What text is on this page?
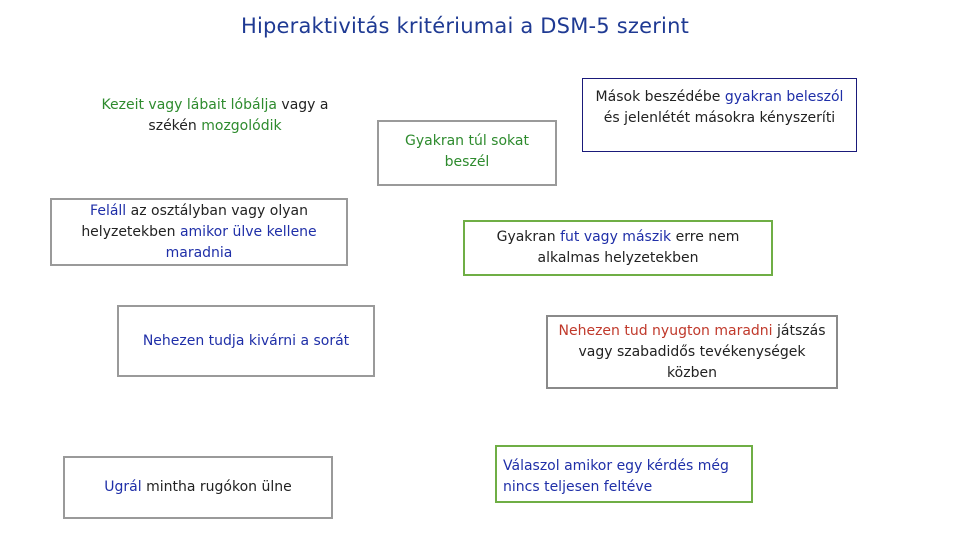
Hiperaktivitás kritériumai a DSM-5 szerint
Kezeit vagy lábait lóbálja vagy a
székén mozgolódik
Gyakran túl sokat
beszél
Mások beszédébe gyakran beleszól
és jelenlétét másokra kényszeríti
Feláll az osztályban vagy olyan
helyzetekben amikor ülve kellene
maradnia
Gyakran fut vagy mászik erre nem
alkalmas helyzetekben
Nehezen tudja kivárni a sorát
Nehezen tud nyugton maradni játszás
vagy szabadidős tevékenységek
közben
Ugrál mintha rugókon ülne
Válaszol amikor egy kérdés még
nincs teljesen feltéve
